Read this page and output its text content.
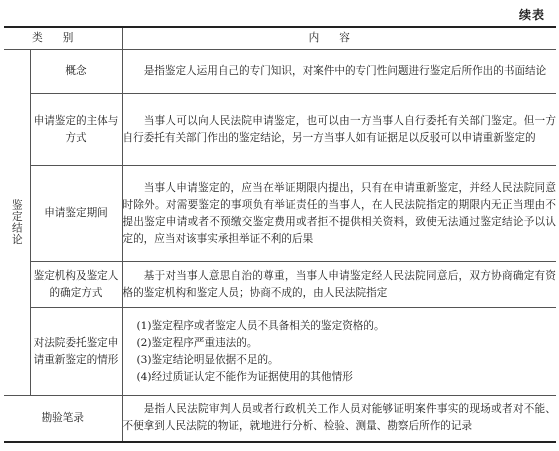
续表
类别		内容

鉴定结论	概念	是指鉴定人运用自己的专门知识，对案件中的专门性问题进行鉴定后所作出的书面结论

	申请鉴定的主体与方式	当事人可以向人民法院申请鉴定，也可以由一方当事人自行委托有关部门鉴定。但一方自行委托有关部门作出的鉴定结论，另一方当事人如有证据足以反驳可以申请重新鉴定的

	申请鉴定期间	当事人申请鉴定的，应当在举证期限内提出，只有在申请重新鉴定，并经人民法院同意时除外。对需要鉴定的事项负有举证责任的当事人，在人民法院指定的期限内无正当理由不提出鉴定申请或者不预缴交鉴定费用或者拒不提供相关资料，致使无法通过鉴定结论予以认定的，应当对该事实承担举证不利的后果

	鉴定机构及鉴定人的确定方式	基于对当事人意思自治的尊重，当事人申请鉴定经人民法院同意后，双方协商确定有资格的鉴定机构和鉴定人员；协商不成的，由人民法院指定

	对法院委托鉴定申请重新鉴定的情形	(1)鉴定程序或者鉴定人员不具备相关的鉴定资格的。
(2)鉴定程序严重违法的。
(3)鉴定结论明显依据不足的。
(4)经过质证认定不能作为证据使用的其他情形

勘验笔录		是指人民法院审判人员或者行政机关工作人员对能够证明案件事实的现场或者对不能、不便拿到人民法院的物证，就地进行分析、检验、测量、勘察后所作的记录
